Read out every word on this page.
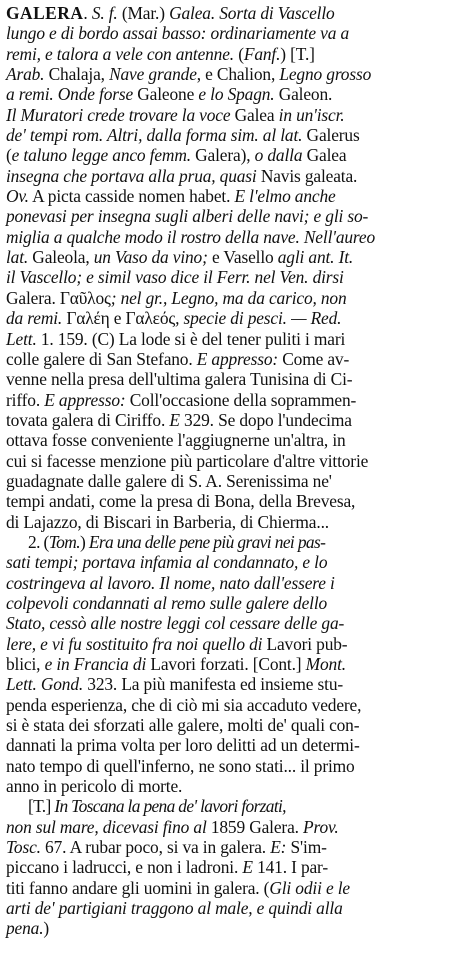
GALERA. S. f. (Mar.) Galea. Sorta di Vascello
lungo e di bordo assai basso: ordinariamente va a
remi, e talora a vele con antenne. (Fanf.) [T.]
Arab. Chalaja, Nave grande, e Chalion, Legno grosso
a remi. Onde forse Galeone e lo Spagn. Galeon.
Il Muratori crede trovare la voce Galea in un'iscr.
de' tempi rom. Altri, dalla forma sim. al lat. Galerus
(e taluno legge anco femm. Galera), o dalla Galea
insegna che portava alla prua, quasi Navis galeata.
Ov. A picta casside nomen habet. E l'elmo anche
ponevasi per insegna sugli alberi delle navi; e gli so-
miglia a qualche modo il rostro della nave. Nell'aureo
lat. Galeola, un Vaso da vino; e Vasello agli ant. It.
il Vascello; e simil vaso dice il Ferr. nel Ven. dirsi
Galera. Γαῦλος; nel gr., Legno, ma da carico, non
da remi. Γαλέη e Γαλεός, specie di pesci. — Red.
Lett. 1. 159. (C) La lode si è del tener puliti i mari
colle galere di San Stefano. E appresso: Come av-
venne nella presa dell'ultima galera Tunisina di Ci-
riffo. E appresso: Coll'occasione della soprammen-
tovata galera di Ciriffo. E 329. Se dopo l'undecima
ottava fosse conveniente l'aggiugnerne un'altra, in
cui si facesse menzione più particolare d'altre vittorie
guadagnate dalle galere di S. A. Serenissima ne'
tempi andati, come la presa di Bona, della Brevesa,
di Lajazzo, di Biscari in Barberia, di Chierma...
2. (Tom.) Era una delle pene più gravi nei pas-
sati tempi; portava infamia al condannato, e lo
costringeva al lavoro. Il nome, nato dall'essere i
colpevoli condannati al remo sulle galere dello
Stato, cessò alle nostre leggi col cessare delle ga-
lere, e vi fu sostituito fra noi quello di Lavori pub-
blici, e in Francia di Lavori forzati. [Cont.] Mont.
Lett. Gond. 323. La più manifesta ed insieme stu-
penda esperienza, che di ciò mi sia accaduto vedere,
si è stata dei sforzati alle galere, molti de' quali con-
dannati la prima volta per loro delitti ad un determi-
nato tempo di quell'inferno, ne sono stati... il primo
anno in pericolo di morte.
[T.] In Toscana la pena de' lavori forzati,
non sul mare, dicevasi fino al 1859 Galera. Prov.
Tosc. 67. A rubar poco, si va in galera. E: S'im-
piccano i ladrucci, e non i ladroni. E 141. I par-
titi fanno andare gli uomini in galera. (Gli odii e le
arti de' partigiani traggono al male, e quindi alla
pena.)
